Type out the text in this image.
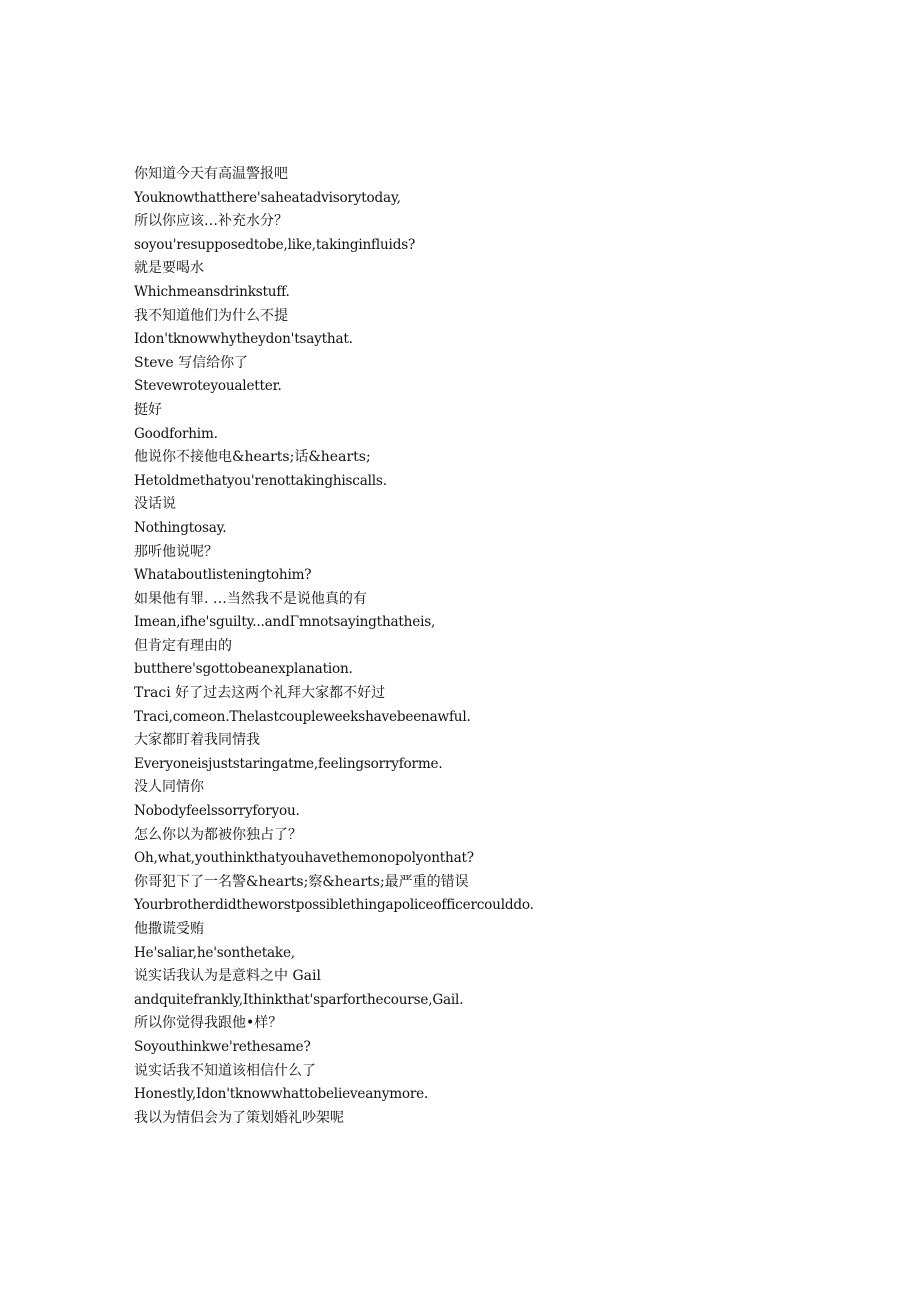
你知道今天有高温警报吧
Youknowthatthere'saheatadvisorytoday,
所以你应该…补充水分？
soyou'resupposedtobe,like,takinginfluids?
就是要喝水
Whichmeansdrinkstuff.
我不知道他们为什么不提
Idon'tknowwhytheydon'tsaythat.
Steve 写信给你了
Stevewroteyoualetter.
挺好
Goodforhim.
他说你不接他电&hearts;话&hearts;
Hetoldmethatyou'renottakinghiscalls.
没话说
Nothingtosay.
那听他说呢？
Whataboutlisteningtohim?
如果他有罪. …当然我不是说他真的有
Imean,ifhe'sguilty...andΓmnotsayingthatheis,
但肯定有理由的
butthere'sgottobeanexplanation.
Traci 好了过去这两个礼拜大家都不好过
Traci,comeon.Thelastcoupleweekshavebeenawful.
大家都盯着我同情我
Everyoneisjuststaringatme,feelingsorryforme.
没人同情你
Nobodyfeelssorryforyou.
怎么你以为都被你独占了？
Oh,what,youthinkthatyouhavethemonopolyonthat?
你哥犯下了一名警&hearts;察&hearts;最严重的错误
Yourbrotherdidtheworstpossiblethingapoliceofficercoulddo.
他撒谎受贿
He'saliar,he'sonthetake,
说实话我认为是意料之中 Gail
andquitefrankly,Ithinkthat'sparforthecourse,Gail.
所以你觉得我跟他•样？
Soyouthinkwe'rethesame?
说实话我不知道该相信什么了
Honestly,Idon'tknowwhattobelieveanymore.
我以为情侣会为了策划婚礼吵架呢
